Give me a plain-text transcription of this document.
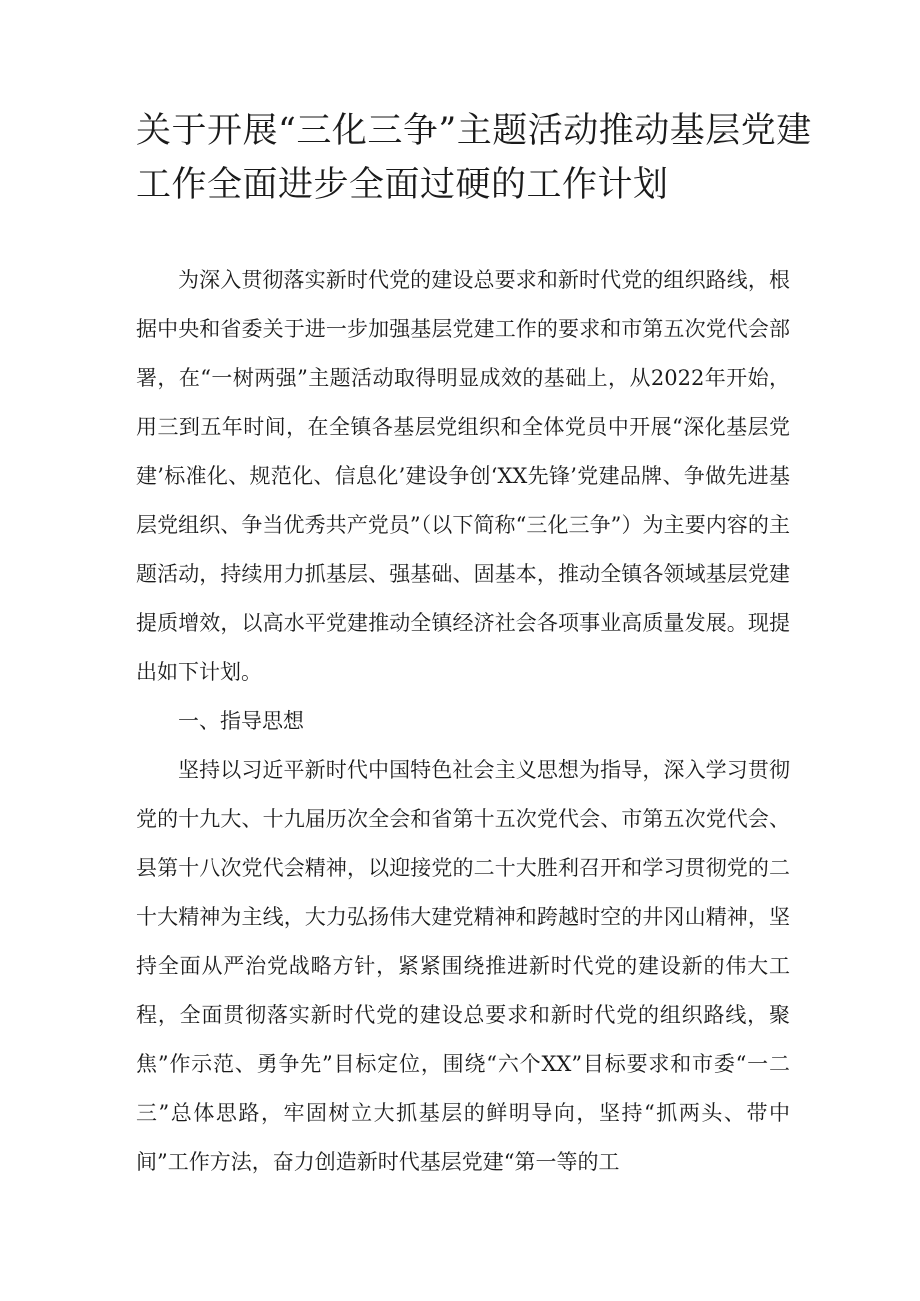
关于开展“三化三争”主题活动推动基层党建
工作全面进步全面过硬的工作计划

为深入贯彻落实新时代党的建设总要求和新时代党的组织路线，根据中央和省委关于进一步加强基层党建工作的要求和市第五次党代会部署，在“一树两强”主题活动取得明显成效的基础上，从2022年开始，用三到五年时间，在全镇各基层党组织和全体党员中开展“深化基层党建’标准化、规范化、信息化’建设争创‘XX先锋’党建品牌、争做先进基层党组织、争当优秀共产党员”（以下简称“三化三争”）为主要内容的主题活动，持续用力抓基层、强基础、固基本，推动全镇各领域基层党建提质增效，以高水平党建推动全镇经济社会各项事业高质量发展。现提出如下计划。

一、指导思想

坚持以习近平新时代中国特色社会主义思想为指导，深入学习贯彻党的十九大、十九届历次全会和省第十五次党代会、市第五次党代会、县第十八次党代会精神，以迎接党的二十大胜利召开和学习贯彻党的二十大精神为主线，大力弘扬伟大建党精神和跨越时空的井冈山精神，坚持全面从严治党战略方针，紧紧围绕推进新时代党的建设新的伟大工程，全面贯彻落实新时代党的建设总要求和新时代党的组织路线，聚焦”作示范、勇争先”目标定位，围绕“六个XX”目标要求和市委“一二三”总体思路，牢固树立大抓基层的鲜明导向，坚持“抓两头、带中间”工作方法，奋力创造新时代基层党建“第一等的工
